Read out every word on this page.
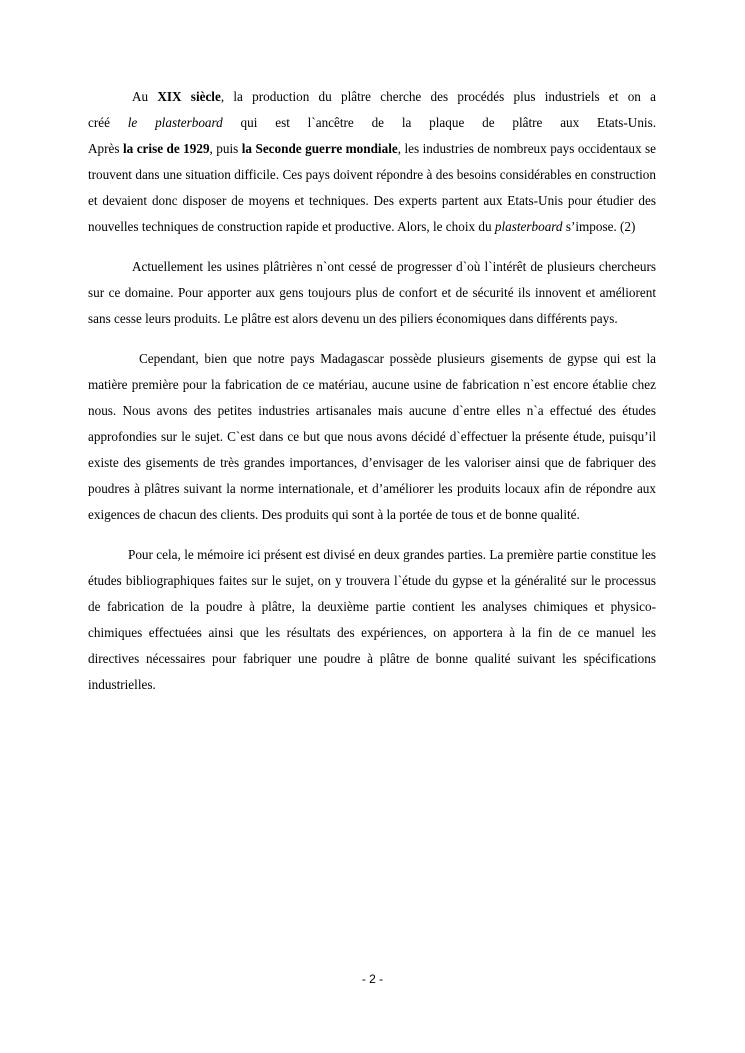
Au XIX siècle, la production du plâtre cherche des procédés plus industriels et on a
créé le plasterboard qui est l`ancêtre de la plaque de plâtre aux Etats-Unis.
Après la crise de 1929, puis la Seconde guerre mondiale, les industries de nombreux pays occidentaux se trouvent dans une situation difficile. Ces pays doivent répondre à des besoins considérables en construction et devaient donc disposer de moyens et techniques. Des experts partent aux Etats-Unis pour étudier des nouvelles techniques de construction rapide et productive. Alors, le choix du plasterboard s’impose. (2)

Actuellement les usines plâtrières n`ont cessé de progresser d`où l`intérêt de plusieurs chercheurs sur ce domaine. Pour apporter aux gens toujours plus de confort et de sécurité ils innovent et améliorent sans cesse leurs produits. Le plâtre est alors devenu un des piliers économiques dans différents pays.

Cependant, bien que notre pays Madagascar possède plusieurs gisements de gypse qui est la matière première pour la fabrication de ce matériau, aucune usine de fabrication n`est encore établie chez nous. Nous avons des petites industries artisanales mais aucune d`entre elles n`a effectué des études approfondies sur le sujet. C`est dans ce but que nous avons décidé d`effectuer la présente étude, puisqu’il existe des gisements de très grandes importances, d’envisager de les valoriser ainsi que de fabriquer des poudres à plâtres suivant la norme internationale, et d’améliorer les produits locaux afin de répondre aux exigences de chacun des clients. Des produits qui sont à la portée de tous et de bonne qualité.

Pour cela, le mémoire ici présent est divisé en deux grandes parties. La première partie constitue les études bibliographiques faites sur le sujet, on y trouvera l`étude du gypse et la généralité sur le processus de fabrication de la poudre à plâtre, la deuxième partie contient les analyses chimiques et physico-chimiques effectuées ainsi que les résultats des expériences, on apportera à la fin de ce manuel les directives nécessaires pour fabriquer une poudre à plâtre de bonne qualité suivant les spécifications industrielles.

- 2 -
